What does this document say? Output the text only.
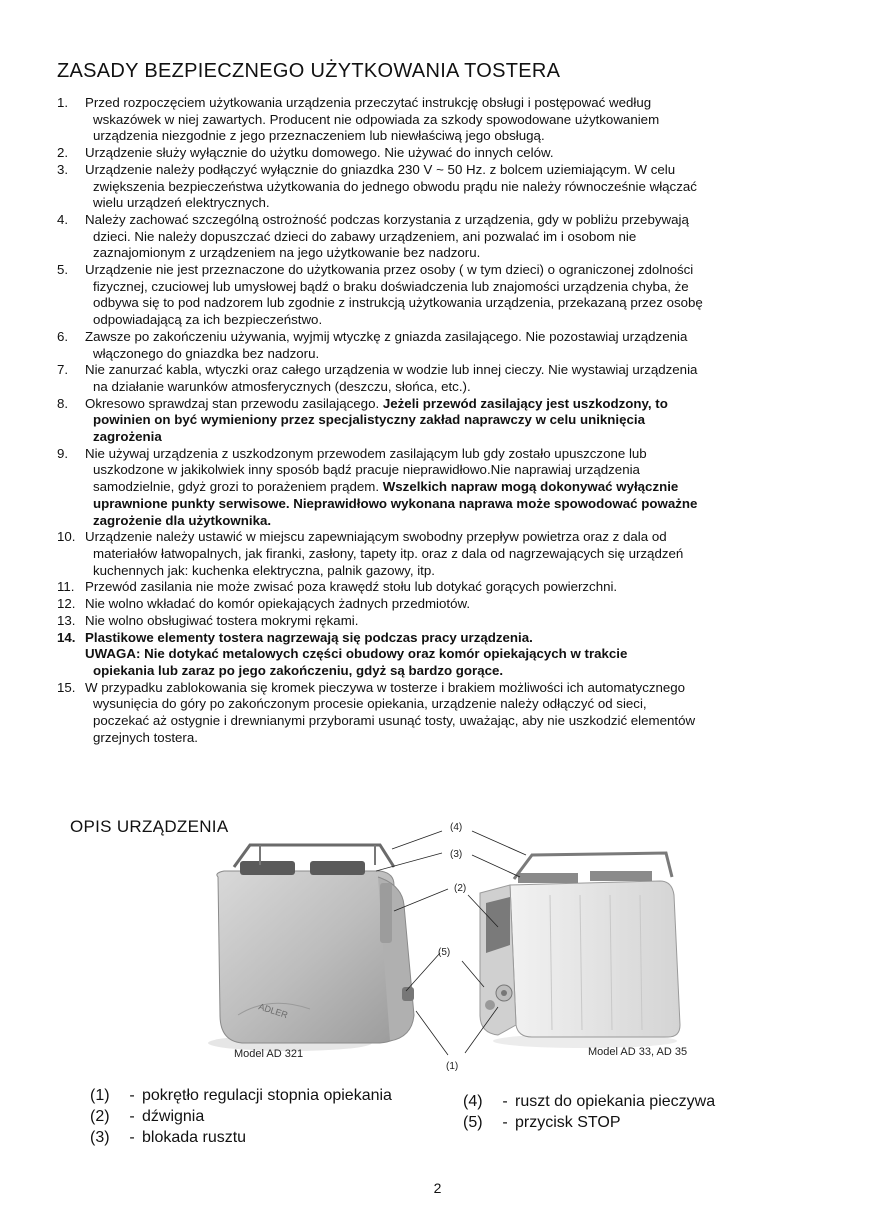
ZASADY BEZPIECZNEGO UŻYTKOWANIA TOSTERA
1.	Przed rozpoczęciem użytkowania urządzenia przeczytać instrukcję obsługi i postępować według
wskazówek w niej zawartych. Producent nie odpowiada za szkody spowodowane użytkowaniem
urządzenia niezgodnie z jego przeznaczeniem lub niewłaściwą jego obsługą.
2.	Urządzenie służy wyłącznie do użytku domowego. Nie używać do innych celów.
3.	Urządzenie należy podłączyć wyłącznie do gniazdka 230 V ~ 50 Hz. z bolcem uziemiającym. W celu
zwiększenia bezpieczeństwa użytkowania do jednego obwodu prądu nie należy równocześnie włączać
wielu urządzeń elektrycznych.
4.	Należy zachować szczególną ostrożność podczas korzystania z urządzenia, gdy w pobliżu przebywają
dzieci. Nie należy dopuszczać dzieci do zabawy urządzeniem, ani pozwalać im i osobom nie
zaznajomionym z urządzeniem na jego użytkowanie bez nadzoru.
5.	Urządzenie nie jest przeznaczone do użytkowania przez osoby ( w tym dzieci) o ograniczonej zdolności
fizycznej, czuciowej lub umysłowej bądź o braku doświadczenia lub znajomości urządzenia chyba, że
odbywa się to pod nadzorem lub zgodnie z instrukcją użytkowania urządzenia, przekazaną przez osobę
odpowiadającą za ich bezpieczeństwo.
6.	Zawsze po zakończeniu używania, wyjmij wtyczkę z gniazda zasilającego. Nie pozostawiaj urządzenia
włączonego do gniazdka bez nadzoru.
7.	Nie zanurzać kabla, wtyczki oraz całego urządzenia w wodzie lub innej cieczy. Nie wystawiaj urządzenia
na działanie warunków atmosferycznych (deszczu, słońca, etc.).
8.	Okresowo sprawdzaj stan przewodu zasilającego. Jeżeli przewód zasilający jest uszkodzony, to
powinien on być wymieniony przez specjalistyczny zakład naprawczy w celu uniknięcia
zagrożenia
9.	Nie używaj urządzenia z uszkodzonym przewodem zasilającym lub gdy zostało upuszczone lub
uszkodzone w jakikolwiek inny sposób bądź pracuje nieprawidłowo.Nie naprawiaj urządzenia
samodzielnie, gdyż grozi to porażeniem prądem. Wszelkich napraw mogą dokonywać wyłącznie
uprawnione punkty serwisowe. Nieprawidłowo wykonana naprawa może spowodować poważne
zagrożenie dla użytkownika.
10. Urządzenie należy ustawić w miejscu zapewniającym swobodny przepływ powietrza oraz z dala od
materiałów łatwopalnych, jak firanki, zasłony, tapety itp. oraz z dala od nagrzewających się urządzeń
kuchennych jak: kuchenka elektryczna, palnik gazowy, itp.
11. Przewód zasilania nie może zwisać poza krawędź stołu lub dotykać gorących powierzchni.
12. Nie wolno wkładać do komór opiekających żadnych przedmiotów.
13. Nie wolno obsługiwać tostera mokrymi rękami.
14. Plastikowe elementy tostera nagrzewają się podczas pracy urządzenia.
UWAGA: Nie dotykać metalowych części obudowy oraz komór opiekających w trakcie
opiekania lub zaraz po jego zakończeniu, gdyż są bardzo gorące.
15. W przypadku zablokowania się kromek pieczywa w tosterze i brakiem możliwości ich automatycznego
wysunięcia do góry po zakończonym procesie opiekania, urządzenie należy odłączyć od sieci,
poczekać aż ostygnie i drewnianymi przyborami usunąć tosty, uważając, aby nie uszkodzić elementów
grzejnych tostera.
OPIS URZĄDZENIA
ADLER
(4)
(3)
(2)
(5)
(1)
Model AD 321	Model AD 33, AD 35
(1)	- pokrętło regulacji stopnia opiekania
(2)	- dźwignia
(3)	- blokada rusztu
(4)	- ruszt do opiekania pieczywa
(5)	- przycisk STOP
2
